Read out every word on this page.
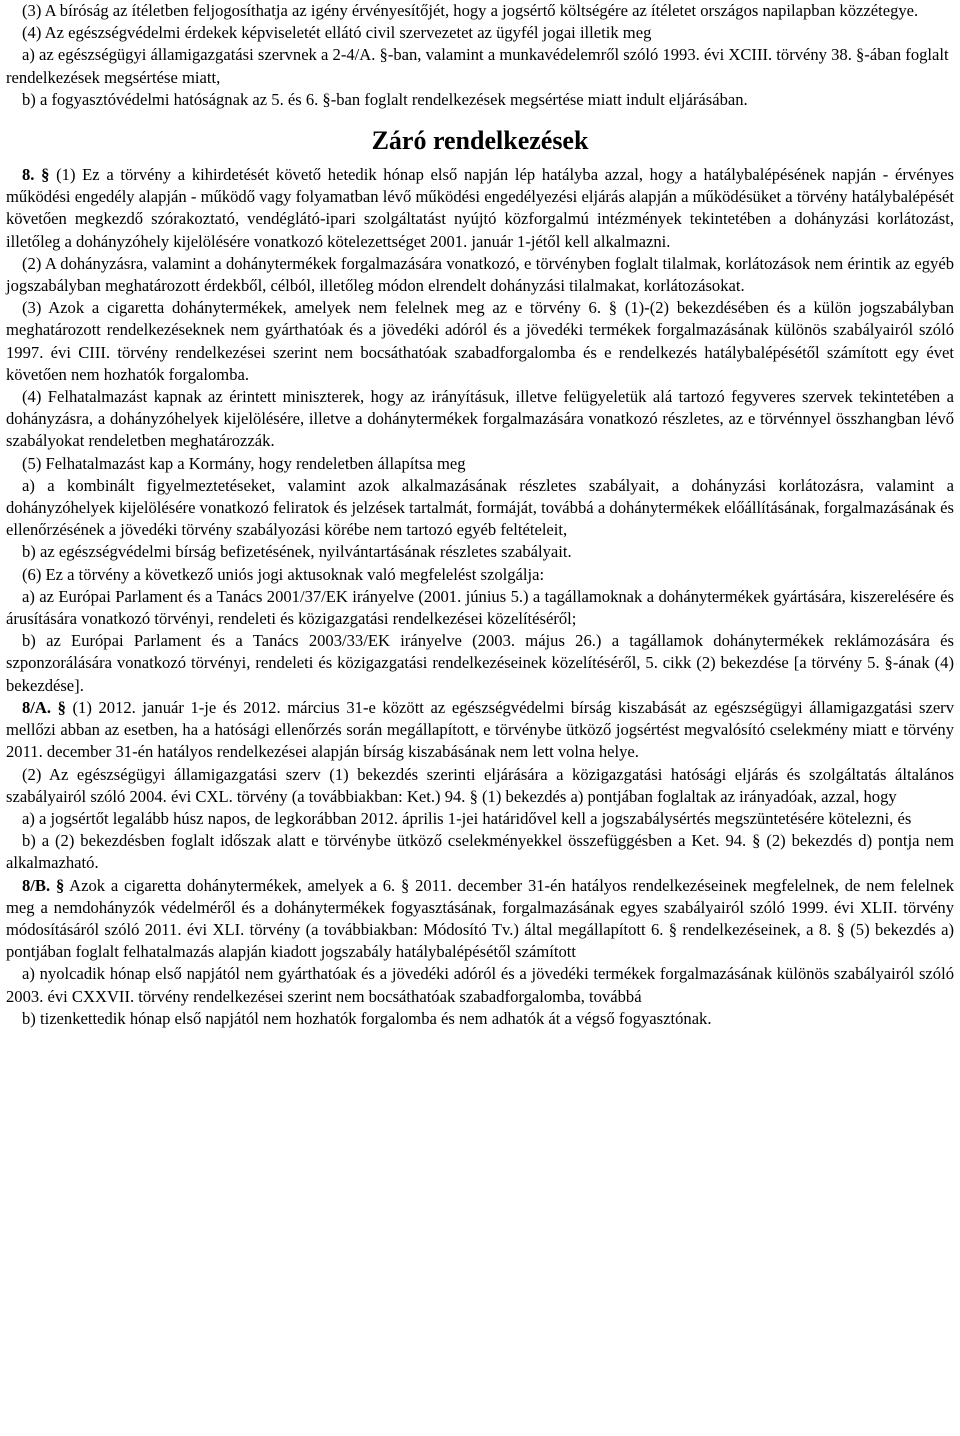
(3) A bíróság az ítéletben feljogosíthatja az igény érvényesítőjét, hogy a jogsértő költségére az ítéletet országos napilapban közzétegye.

(4) Az egészségvédelmi érdekek képviseletét ellátó civil szervezetet az ügyfél jogai illetik meg

a) az egészségügyi államigazgatási szervnek a 2-4/A. §-ban, valamint a munkavédelemről szóló 1993. évi XCIII. törvény 38. §-ában foglalt rendelkezések megsértése miatt,

b) a fogyasztóvédelmi hatóságnak az 5. és 6. §-ban foglalt rendelkezések megsértése miatt indult eljárásában.

Záró rendelkezések

8. § (1) Ez a törvény a kihirdetését követő hetedik hónap első napján lép hatályba azzal, hogy a hatálybalépésének napján - érvényes működési engedély alapján - működő vagy folyamatban lévő működési engedélyezési eljárás alapján a működésüket a törvény hatálybalépését követően megkezdő szórakoztató, vendéglátó-ipari szolgáltatást nyújtó közforgalmú intézmények tekintetében a dohányzási korlátozást, illetőleg a dohányzóhely kijelölésére vonatkozó kötelezettséget 2001. január 1-jétől kell alkalmazni.

(2) A dohányzásra, valamint a dohánytermékek forgalmazására vonatkozó, e törvényben foglalt tilalmak, korlátozások nem érintik az egyéb jogszabályban meghatározott érdekből, célból, illetőleg módon elrendelt dohányzási tilalmakat, korlátozásokat.

(3) Azok a cigaretta dohánytermékek, amelyek nem felelnek meg az e törvény 6. § (1)-(2) bekezdésében és a külön jogszabályban meghatározott rendelkezéseknek nem gyárthatóak és a jövedéki adóról és a jövedéki termékek forgalmazásának különös szabályairól szóló 1997. évi CIII. törvény rendelkezései szerint nem bocsáthatóak szabadforgalomba és e rendelkezés hatálybalépésétől számított egy évet követően nem hozhatók forgalomba.

(4) Felhatalmazást kapnak az érintett miniszterek, hogy az irányításuk, illetve felügyeletük alá tartozó fegyveres szervek tekintetében a dohányzásra, a dohányzóhelyek kijelölésére, illetve a dohánytermékek forgalmazására vonatkozó részletes, az e törvénnyel összhangban lévő szabályokat rendeletben meghatározzák.

(5) Felhatalmazást kap a Kormány, hogy rendeletben állapítsa meg

a) a kombinált figyelmeztetéseket, valamint azok alkalmazásának részletes szabályait, a dohányzási korlátozásra, valamint a dohányzóhelyek kijelölésére vonatkozó feliratok és jelzések tartalmát, formáját, továbbá a dohánytermékek előállításának, forgalmazásának és ellenőrzésének a jövedéki törvény szabályozási körébe nem tartozó egyéb feltételeit,

b) az egészségvédelmi bírság befizetésének, nyilvántartásának részletes szabályait.

(6) Ez a törvény a következő uniós jogi aktusoknak való megfelelést szolgálja:

a) az Európai Parlament és a Tanács 2001/37/EK irányelve (2001. június 5.) a tagállamoknak a dohánytermékek gyártására, kiszerelésére és árusítására vonatkozó törvényi, rendeleti és közigazgatási rendelkezései közelítéséről;

b) az Európai Parlament és a Tanács 2003/33/EK irányelve (2003. május 26.) a tagállamok dohánytermékek reklámozására és szponzorálására vonatkozó törvényi, rendeleti és közigazgatási rendelkezéseinek közelítéséről, 5. cikk (2) bekezdése [a törvény 5. §-ának (4) bekezdése].

8/A. § (1) 2012. január 1-je és 2012. március 31-e között az egészségvédelmi bírság kiszabását az egészségügyi államigazgatási szerv mellőzi abban az esetben, ha a hatósági ellenőrzés során megállapított, e törvénybe ütköző jogsértést megvalósító cselekmény miatt e törvény 2011. december 31-én hatályos rendelkezései alapján bírság kiszabásának nem lett volna helye.

(2) Az egészségügyi államigazgatási szerv (1) bekezdés szerinti eljárására a közigazgatási hatósági eljárás és szolgáltatás általános szabályairól szóló 2004. évi CXL. törvény (a továbbiakban: Ket.) 94. § (1) bekezdés a) pontjában foglaltak az irányadóak, azzal, hogy

a) a jogsértőt legalább húsz napos, de legkorábban 2012. április 1-jei határidővel kell a jogszabálysértés megszüntetésére kötelezni, és

b) a (2) bekezdésben foglalt időszak alatt e törvénybe ütköző cselekményekkel összefüggésben a Ket. 94. § (2) bekezdés d) pontja nem alkalmazható.

8/B. § Azok a cigaretta dohánytermékek, amelyek a 6. § 2011. december 31-én hatályos rendelkezéseinek megfelelnek, de nem felelnek meg a nemdohányzók védelméről és a dohánytermékek fogyasztásának, forgalmazásának egyes szabályairól szóló 1999. évi XLII. törvény módosításáról szóló 2011. évi XLI. törvény (a továbbiakban: Módosító Tv.) által megállapított 6. § rendelkezéseinek, a 8. § (5) bekezdés a) pontjában foglalt felhatalmazás alapján kiadott jogszabály hatálybalépésétől számított

a) nyolcadik hónap első napjától nem gyárthatóak és a jövedéki adóról és a jövedéki termékek forgalmazásának különös szabályairól szóló 2003. évi CXXVII. törvény rendelkezései szerint nem bocsáthatóak szabadforgalomba, továbbá

b) tizenkettedik hónap első napjától nem hozhatók forgalomba és nem adhatók át a végső fogyasztónak.
